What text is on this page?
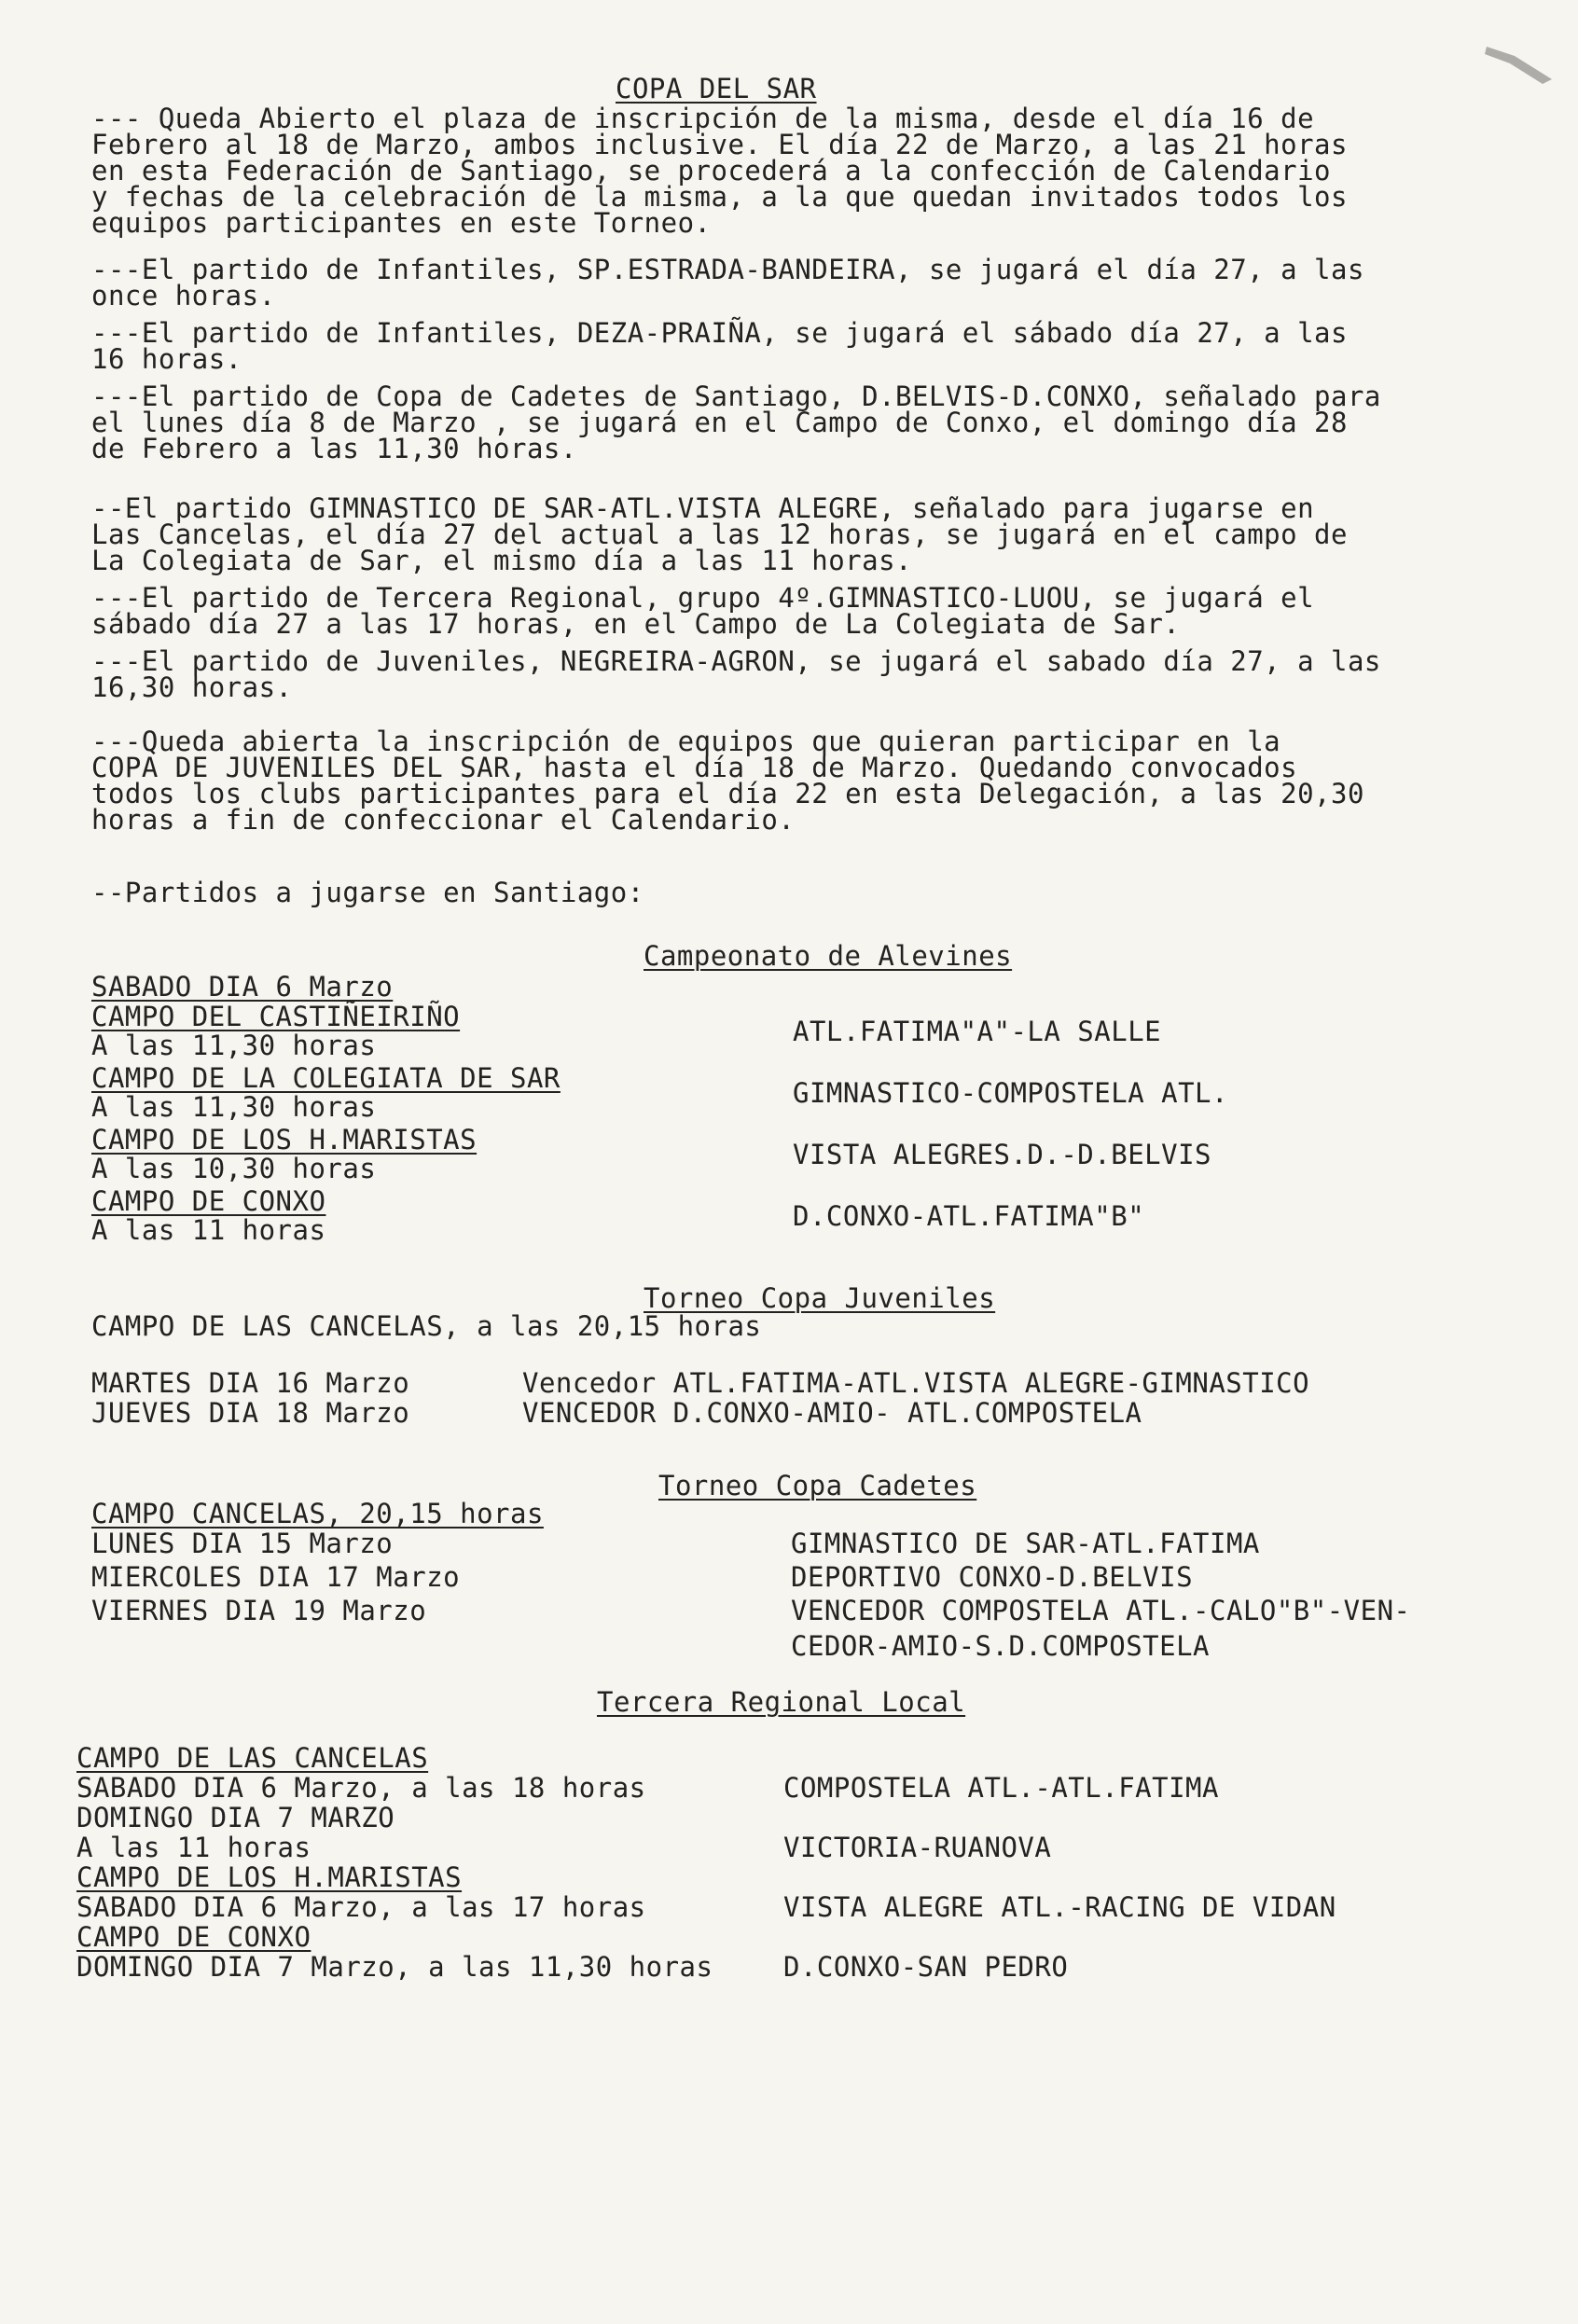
COPA DEL SAR
--- Queda Abierto el plaza de inscripción de la misma, desde el día 16 de
Febrero al 18 de Marzo, ambos inclusive. El día 22 de Marzo, a las 21 horas
en esta Federación de Santiago, se procederá a la confección de Calendario
y fechas de la celebración de la misma, a la que quedan invitados todos los
equipos participantes en este Torneo.
---El partido de Infantiles, SP.ESTRADA-BANDEIRA, se jugará el día 27, a las
once horas.
---El partido de Infantiles, DEZA-PRAIÑA, se jugará el sábado día 27, a las
16 horas.
---El partido de Copa de Cadetes de Santiago, D.BELVIS-D.CONXO, señalado para
el lunes día 8 de Marzo , se jugará en el Campo de Conxo, el domingo día 28
de Febrero a las 11,30 horas.
--El partido GIMNASTICO DE SAR-ATL.VISTA ALEGRE, señalado para jugarse en
Las Cancelas, el día 27 del actual a las 12 horas, se jugará en el campo de
La Colegiata de Sar, el mismo día a las 11 horas.
---El partido de Tercera Regional, grupo 4º.GIMNASTICO-LUOU, se jugará el
sábado día 27 a las 17 horas, en el Campo de La Colegiata de Sar.
---El partido de Juveniles, NEGREIRA-AGRON, se jugará el sabado día 27, a las
16,30 horas.
---Queda abierta la inscripción de equipos que quieran participar en la
COPA DE JUVENILES DEL SAR, hasta el día 18 de Marzo. Quedando convocados
todos los clubs participantes para el día 22 en esta Delegación, a las 20,30
horas a fin de confeccionar el Calendario.
--Partidos a jugarse en Santiago:
Campeonato de Alevines
SABADO DIA 6 Marzo
CAMPO DEL CASTIÑEIRIÑO
A las 11,30 horas	ATL.FATIMA"A"-LA SALLE
CAMPO DE LA COLEGIATA DE SAR
A las 11,30 horas	GIMNASTICO-COMPOSTELA ATL.
CAMPO DE LOS H.MARISTAS
A las 10,30 horas	VISTA ALEGRES.D.-D.BELVIS
CAMPO DE CONXO
A las 11 horas	D.CONXO-ATL.FATIMA"B"
Torneo Copa Juveniles
CAMPO DE LAS CANCELAS, a las 20,15 horas
MARTES DIA 16 Marzo	Vencedor ATL.FATIMA-ATL.VISTA ALEGRE-GIMNASTICO
JUEVES DIA 18 Marzo	VENCEDOR D.CONXO-AMIO- ATL.COMPOSTELA
Torneo Copa Cadetes
CAMPO CANCELAS, 20,15 horas
LUNES DIA 15 Marzo	GIMNASTICO DE SAR-ATL.FATIMA
MIERCOLES DIA 17 Marzo	DEPORTIVO CONXO-D.BELVIS
VIERNES DIA 19 Marzo	VENCEDOR COMPOSTELA ATL.-CALO"B"-VEN-
CEDOR-AMIO-S.D.COMPOSTELA
Tercera Regional Local
CAMPO DE LAS CANCELAS
SABADO DIA 6 Marzo, a las 18 horas	COMPOSTELA ATL.-ATL.FATIMA
DOMINGO DIA 7 MARZO
A las 11 horas	VICTORIA-RUANOVA
CAMPO DE LOS H.MARISTAS
SABADO DIA 6 Marzo, a las 17 horas	VISTA ALEGRE ATL.-RACING DE VIDAN
CAMPO DE CONXO
DOMINGO DIA 7 Marzo, a las 11,30 horas	D.CONXO-SAN PEDRO
